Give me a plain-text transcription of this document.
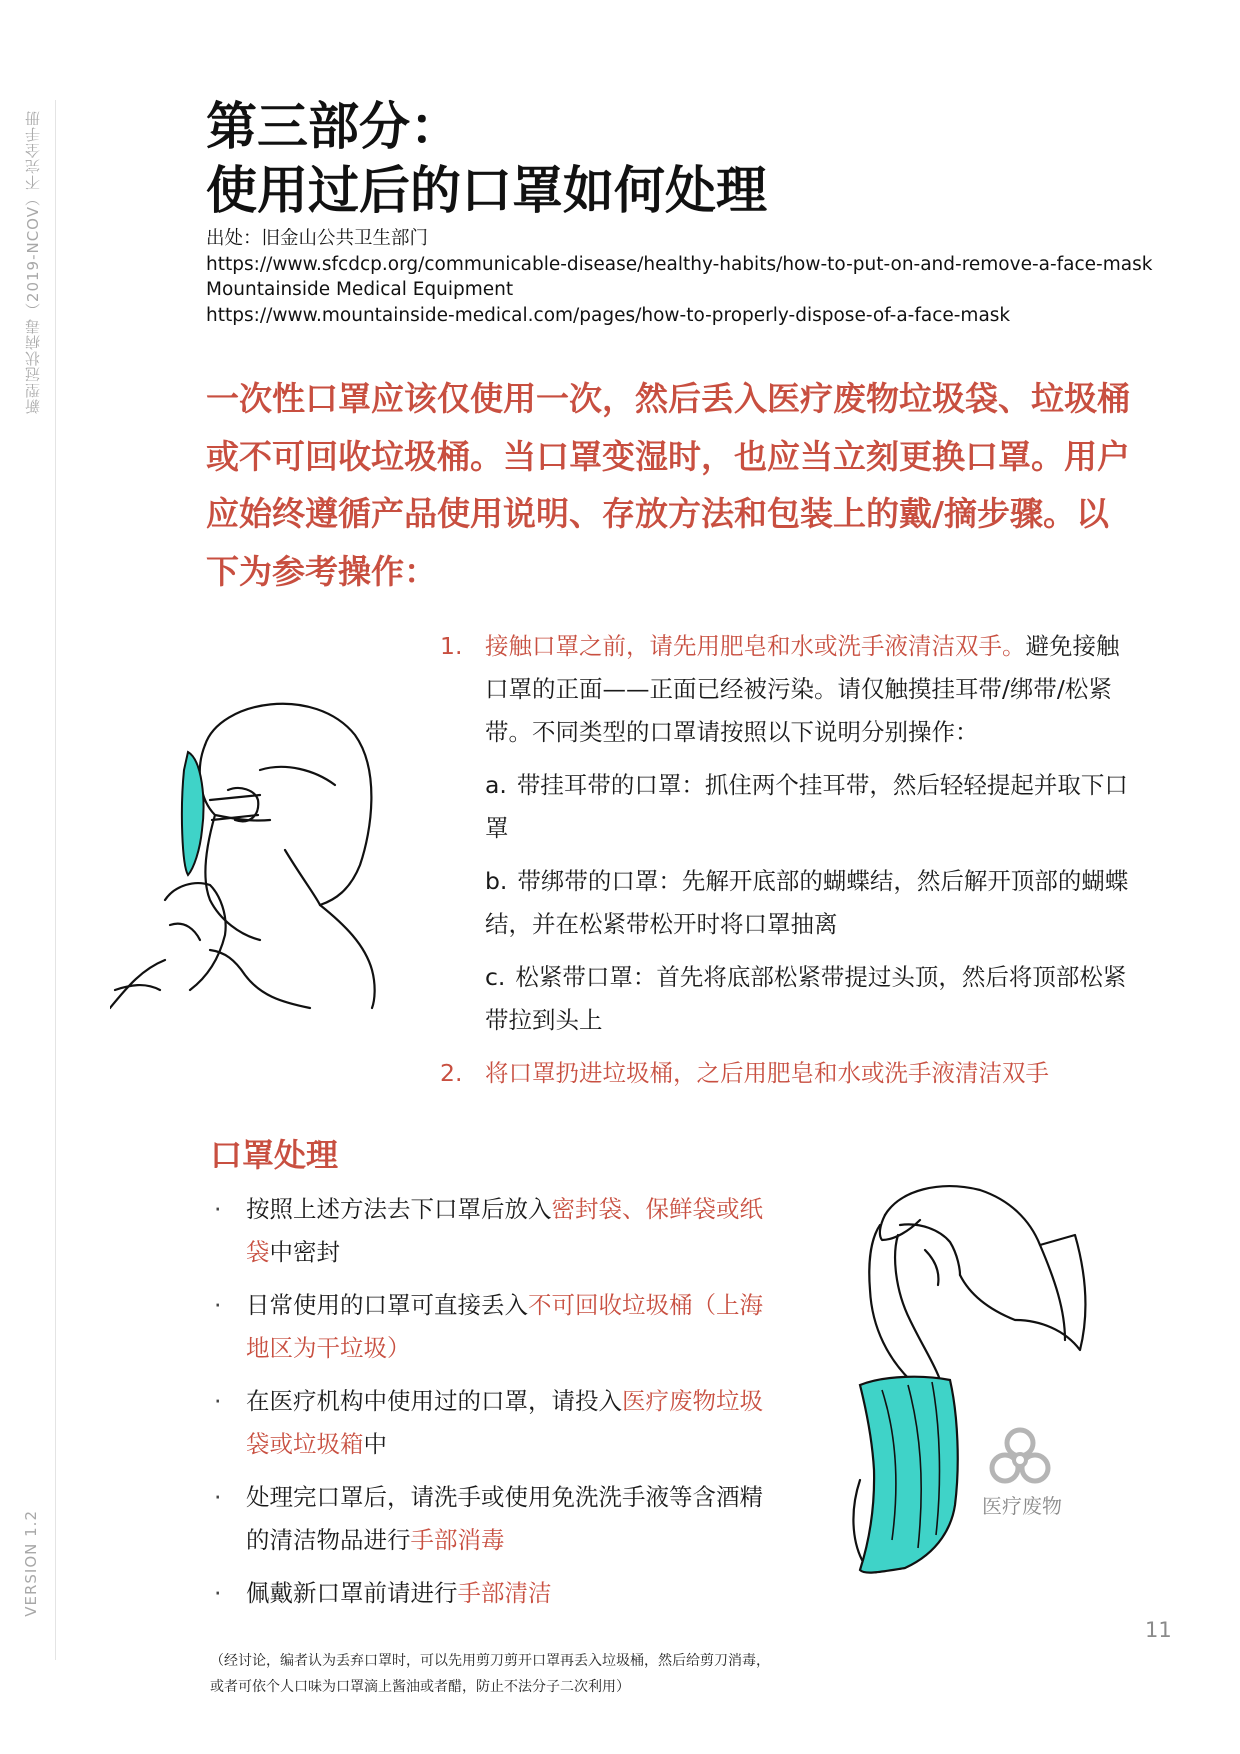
新型冠状病毒（2019-NCOV）不完全手册
VERSION 1.2
第三部分：
使用过后的口罩如何处理
出处：旧金山公共卫生部门
https://www.sfcdcp.org/communicable-disease/healthy-habits/how-to-put-on-and-remove-a-face-mask
Mountainside Medical Equipment
https://www.mountainside-medical.com/pages/how-to-properly-dispose-of-a-face-mask

一次性口罩应该仅使用一次，然后丢入医疗废物垃圾袋、垃圾桶或不可回收垃圾桶。当口罩变湿时，也应当立刻更换口罩。用户应始终遵循产品使用说明、存放方法和包装上的戴/摘步骤。以下为参考操作：

1. 接触口罩之前，请先用肥皂和水或洗手液清洁双手。避免接触口罩的正面——正面已经被污染。请仅触摸挂耳带/绑带/松紧带。不同类型的口罩请按照以下说明分别操作：
a. 带挂耳带的口罩：抓住两个挂耳带，然后轻轻提起并取下口罩
b. 带绑带的口罩：先解开底部的蝴蝶结，然后解开顶部的蝴蝶结，并在松紧带松开时将口罩抽离
c. 松紧带口罩：首先将底部松紧带提过头顶，然后将顶部松紧带拉到头上
2. 将口罩扔进垃圾桶，之后用肥皂和水或洗手液清洁双手
口罩处理
· 按照上述方法去下口罩后放入密封袋、保鲜袋或纸袋中密封
· 日常使用的口罩可直接丢入不可回收垃圾桶（上海地区为干垃圾）
· 在医疗机构中使用过的口罩，请投入医疗废物垃圾袋或垃圾箱中
· 处理完口罩后，请洗手或使用免洗洗手液等含酒精的清洁物品进行手部消毒
· 佩戴新口罩前请进行手部清洁
医疗废物
11
（经讨论，编者认为丢弃口罩时，可以先用剪刀剪开口罩再丢入垃圾桶，然后给剪刀消毒，
或者可依个人口味为口罩滴上酱油或者醋，防止不法分子二次利用）
